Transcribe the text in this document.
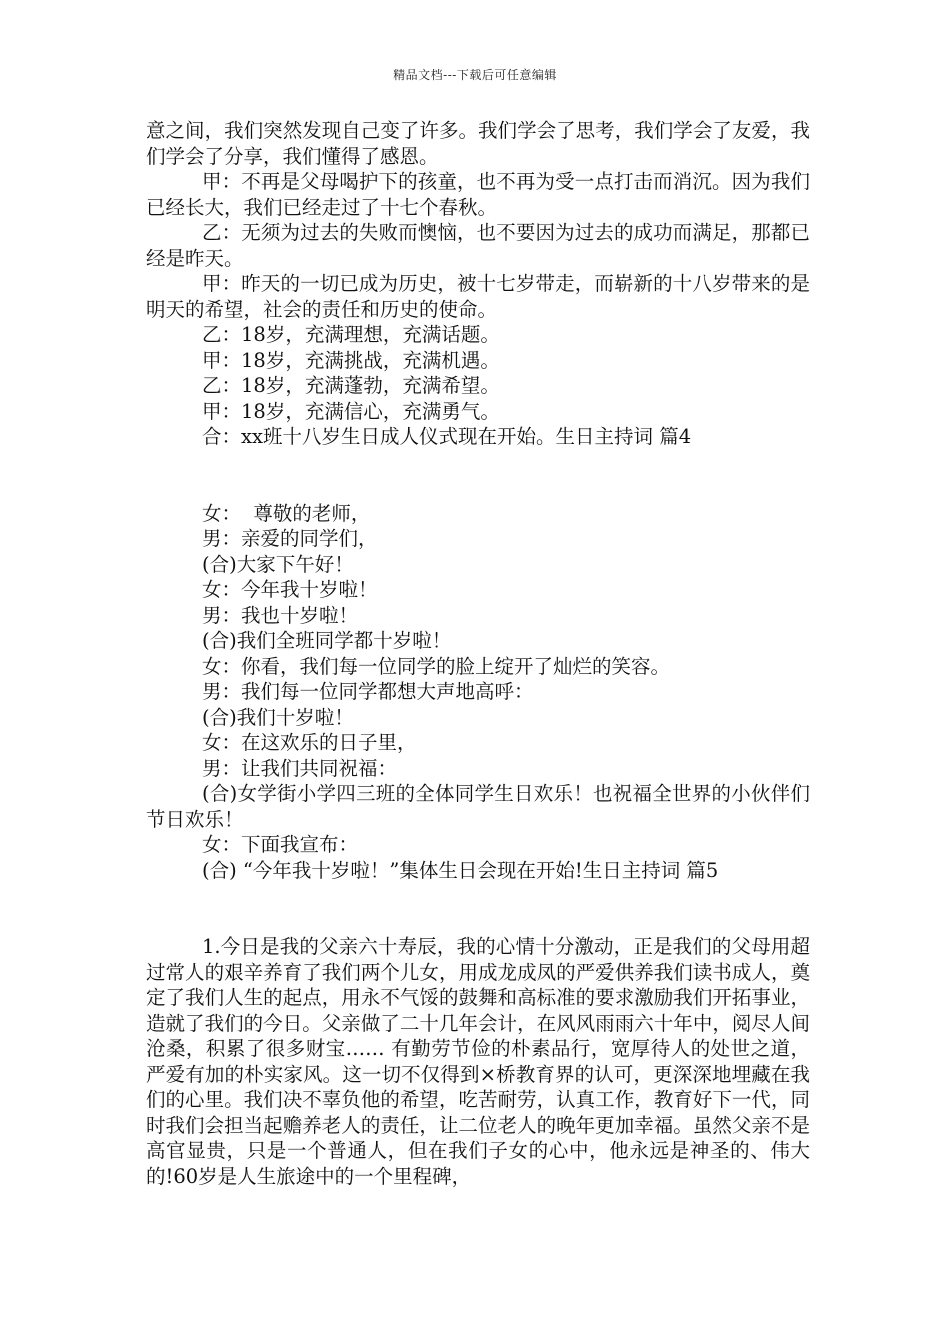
精品文档---下载后可任意编辑

意之间，我们突然发现自己变了许多。我们学会了思考，我们学会了友爱，我们学会了分享，我们懂得了感恩。

甲：不再是父母喝护下的孩童，也不再为受一点打击而消沉。因为我们已经长大，我们已经走过了十七个春秋。

乙：无须为过去的失败而懊恼，也不要因为过去的成功而满足，那都已经是昨天。

甲：昨天的一切已成为历史，被十七岁带走，而崭新的十八岁带来的是明天的希望，社会的责任和历史的使命。

乙：18岁，充满理想，充满话题。

甲：18岁，充满挑战，充满机遇。

乙：18岁，充满蓬勃，充满希望。

甲：18岁，充满信心，充满勇气。

合：xx班十八岁生日成人仪式现在开始。生日主持词 篇4

女：  尊敬的老师，

男：亲爱的同学们，

(合)大家下午好！

女：今年我十岁啦！

男：我也十岁啦！

(合)我们全班同学都十岁啦！

女：你看，我们每一位同学的脸上绽开了灿烂的笑容。

男：我们每一位同学都想大声地高呼：

(合)我们十岁啦！

女：在这欢乐的日子里，

男：让我们共同祝福：

(合)女学街小学四三班的全体同学生日欢乐！也祝福全世界的小伙伴们节日欢乐！

女：下面我宣布：

(合) “今年我十岁啦！”集体生日会现在开始!生日主持词 篇5

1.今日是我的父亲六十寿辰，我的心情十分激动，正是我们的父母用超过常人的艰辛养育了我们两个儿女，用成龙成凤的严爱供养我们读书成人，奠定了我们人生的起点，用永不气馁的鼓舞和高标准的要求激励我们开拓事业，造就了我们的今日。父亲做了二十几年会计，在风风雨雨六十年中，阅尽人间沧桑，积累了很多财宝…… 有勤劳节俭的朴素品行，宽厚待人的处世之道，严爱有加的朴实家风。这一切不仅得到×桥教育界的认可，更深深地埋藏在我们的心里。我们决不辜负他的希望，吃苦耐劳，认真工作，教育好下一代，同时我们会担当起赡养老人的责任，让二位老人的晚年更加幸福。虽然父亲不是高官显贵，只是一个普通人，但在我们子女的心中，他永远是神圣的、伟大的!60岁是人生旅途中的一个里程碑，
